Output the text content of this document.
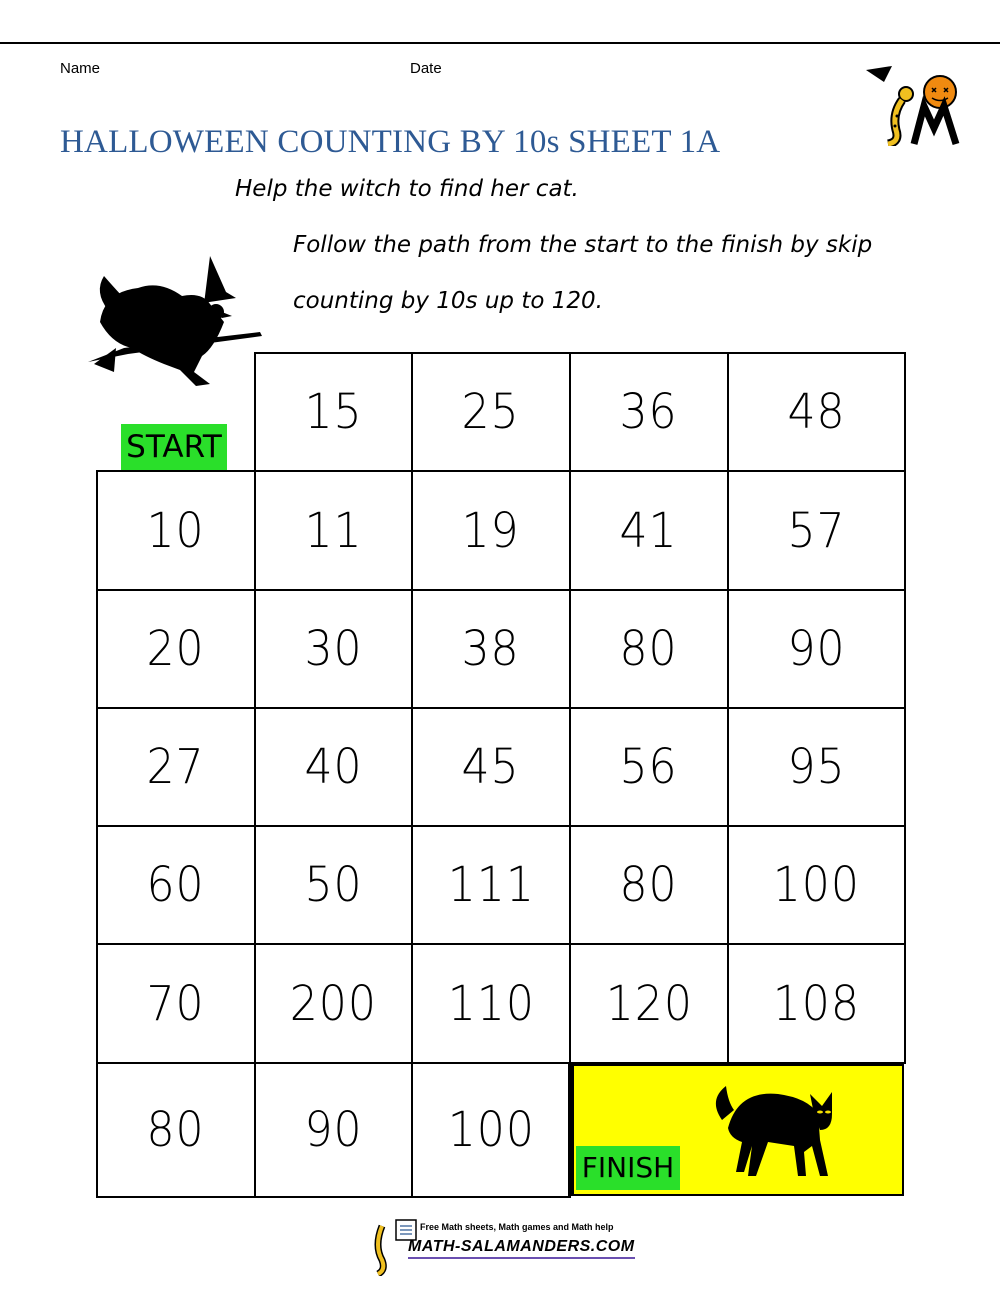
Name	Date
HALLOWEEN COUNTING BY 10s SHEET 1A
Help the witch to find her cat.
Follow the path from the start to the finish by skip
counting by 10s up to 120.
START
15 25 36 48
10 11 19 41 57
20 30 38 80 90
27 40 45 56 95
60 50 111 80 100
70 200 110 120 108
80 90 100
FINISH
Free Math sheets, Math games and Math help
MATH-SALAMANDERS.COM
